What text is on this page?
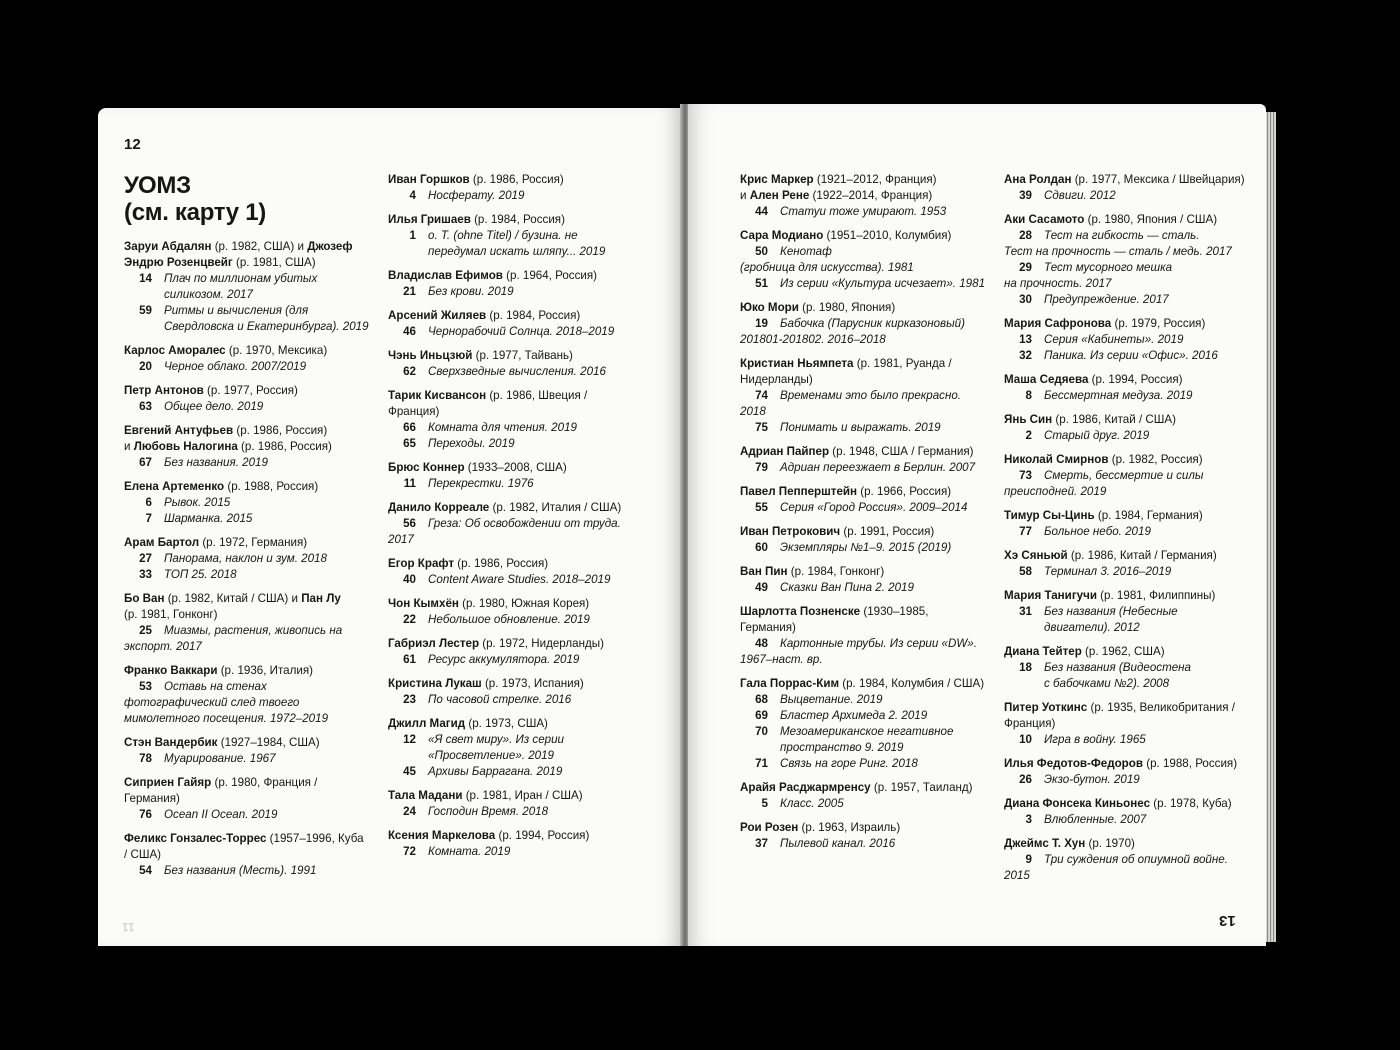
12
11
УОМЗ
(см. карту 1)
Заруи Абдалян (р. 1982, США) и Джозеф
Эндрю Розенцвейг (р. 1981, США)
14 Плач по миллионам убитых
силикозом. 2017
59 Ритмы и вычисления (для
Свердловска и Екатеринбурга). 2019
Карлос Аморалес (р. 1970, Мексика)
20 Черное облако. 2007/2019
Петр Антонов (р. 1977, Россия)
63 Общее дело. 2019
Евгений Антуфьев (р. 1986, Россия)
и Любовь Налогина (р. 1986, Россия)
67 Без названия. 2019
Елена Артеменко (р. 1988, Россия)
6 Рывок. 2015
7 Шарманка. 2015
Арам Бартол (р. 1972, Германия)
27 Панорама, наклон и зум. 2018
33 ТОП 25. 2018
Бо Ван (р. 1982, Китай / США) и Пан Лу
(р. 1981, Гонконг)
25 Миазмы, растения, живопись на
экспорт. 2017
Франко Ваккари (р. 1936, Италия)
53 Оставь на стенах
фотографический след твоего
мимолетного посещения. 1972–2019
Стэн Вандербик (1927–1984, США)
78 Муарирование. 1967
Сиприен Гайяр (р. 1980, Франция / Германия)
76 Ocean II Ocean. 2019
Феликс Гонзалес-Торрес (1957–1996, Куба
/ США)
54 Без названия (Месть). 1991
Иван Горшков (р. 1986, Россия)
4 Носферату. 2019
Илья Гришаев (р. 1984, Россия)
1 o. T. (ohne Titel) / бузина. не
передумал искать шляпу... 2019
Владислав Ефимов (р. 1964, Россия)
21 Без крови. 2019
Арсений Жиляев (р. 1984, Россия)
46 Чернорабочий Солнца. 2018–2019
Чэнь Иньцзюй (р. 1977, Тайвань)
62 Сверхзведные вычисления. 2016
Тарик Кисвансон (р. 1986, Швеция /
Франция)
66 Комната для чтения. 2019
65 Переходы. 2019
Брюс Коннер (1933–2008, США)
11 Перекрестки. 1976
Данило Корреале (р. 1982, Италия / США)
56 Греза: Об освобождении от труда.
2017
Егор Крафт (р. 1986, Россия)
40 Content Aware Studies. 2018–2019
Чон Кымхён (р. 1980, Южная Корея)
22 Небольшое обновление. 2019
Габриэл Лестер (р. 1972, Нидерланды)
61 Ресурс аккумулятора. 2019
Кристина Лукаш (р. 1973, Испания)
23 По часовой стрелке. 2016
Джилл Магид (р. 1973, США)
12 «Я свет миру». Из серии
«Просветление». 2019
45 Архивы Баррагана. 2019
Тала Мадани (р. 1981, Иран / США)
24 Господин Время. 2018
Ксения Маркелова (р. 1994, Россия)
72 Комната. 2019
13
Крис Маркер (1921–2012, Франция)
и Ален Рене (1922–2014, Франция)
44 Статуи тоже умирают. 1953
Сара Модиано (1951–2010, Колумбия)
50 Кенотаф
(гробница для искусства). 1981
51 Из серии «Культура исчезает». 1981
Юко Мори (р. 1980, Япония)
19 Бабочка (Парусник кирказоновый)
201801-201802. 2016–2018
Кристиан Ньямпета (р. 1981, Руанда /
Нидерланды)
74 Временами это было прекрасно.
2018
75 Понимать и выражать. 2019
Адриан Пайпер (р. 1948, США / Германия)
79 Адриан переезжает в Берлин. 2007
Павел Пепперштейн (р. 1966, Россия)
55 Серия «Город Россия». 2009–2014
Иван Петрокович (р. 1991, Россия)
60 Экземпляры №1–9. 2015 (2019)
Ван Пин (р. 1984, Гонконг)
49 Сказки Ван Пина 2. 2019
Шарлотта Позненске (1930–1985,
Германия)
48 Картонные трубы. Из серии «DW».
1967–наст. вр.
Гала Поррас-Ким (р. 1984, Колумбия / США)
68 Выцветание. 2019
69 Бластер Архимеда 2. 2019
70 Мезоамериканское негативное
пространство 9. 2019
71 Связь на горе Ринг. 2018
Арайя Расджармренсу (р. 1957, Таиланд)
5 Класс. 2005
Рои Розен (р. 1963, Израиль)
37 Пылевой канал. 2016
Ана Ролдан (р. 1977, Мексика / Швейцария)
39 Сдвиги. 2012
Аки Сасамото (р. 1980, Япония / США)
28 Тест на гибкость — сталь.
Тест на прочность — сталь / медь. 2017
29 Тест мусорного мешка
на прочность. 2017
30 Предупреждение. 2017
Мария Сафронова (р. 1979, Россия)
13 Серия «Кабинеты». 2019
32 Паника. Из серии «Офис». 2016
Маша Седяева (р. 1994, Россия)
8 Бессмертная медуза. 2019
Янь Син (р. 1986, Китай / США)
2 Старый друг. 2019
Николай Смирнов (р. 1982, Россия)
73 Смерть, бессмертие и силы
преисподней. 2019
Тимур Сы-Цинь (р. 1984, Германия)
77 Больное небо. 2019
Хэ Сяньюй (р. 1986, Китай / Германия)
58 Терминал 3. 2016–2019
Мария Танигучи (р. 1981, Филиппины)
31 Без названия (Небесные
двигатели). 2012
Диана Тейтер (р. 1962, США)
18 Без названия (Видеостена
с бабочками №2). 2008
Питер Уоткинс (р. 1935, Великобритания /
Франция)
10 Игра в войну. 1965
Илья Федотов-Федоров (р. 1988, Россия)
26 Экзо-бутон. 2019
Диана Фонсека Киньонес (р. 1978, Куба)
3 Влюбленные. 2007
Джеймс Т. Хун (р. 1970)
9 Три суждения об опиумной войне. 2015
